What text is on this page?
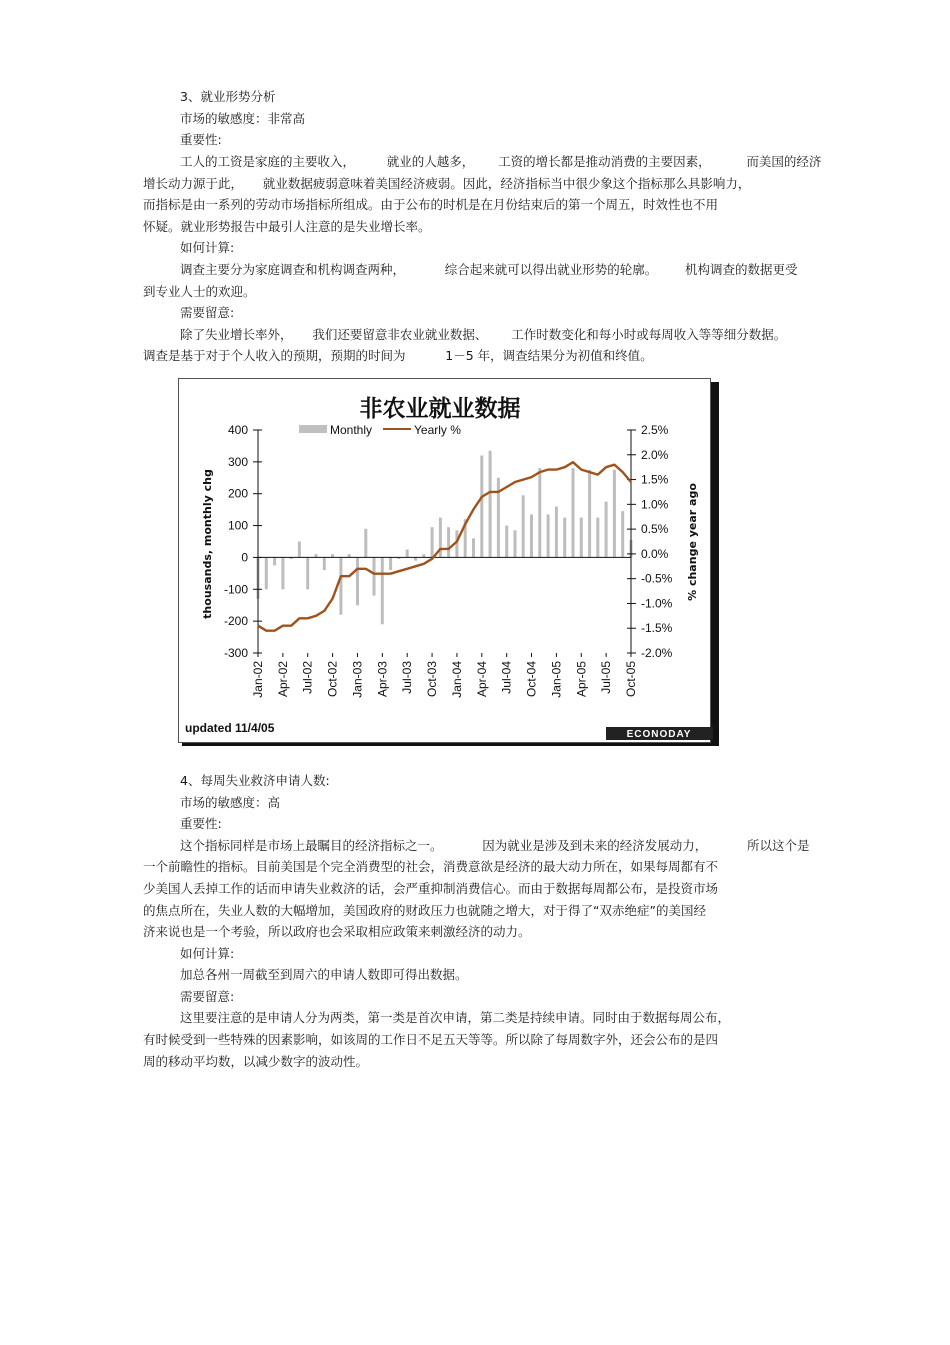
3、就业形势分析
市场的敏感度：非常高
重要性:
工人的工资是家庭的主要收入，        就业的人越多，      工资的增长都是推动消费的主要因素，         而美国的经济
增长动力源于此，     就业数据疲弱意味着美国经济疲弱。因此，经济指标当中很少象这个指标那么具影响力，
而指标是由一系列的劳动市场指标所组成。由于公布的时机是在月份结束后的第一个周五，时效性也不用
怀疑。就业形势报告中最引人注意的是失业增长率。
如何计算:
调查主要分为家庭调查和机构调查两种，          综合起来就可以得出就业形势的轮廓。       机构调查的数据更受
到专业人士的欢迎。
需要留意:
除了失业增长率外，     我们还要留意非农业就业数据、      工作时数变化和每小时或每周收入等等细分数据。
调查是基于对于个人收入的预期，预期的时间为          1－5 年，调查结果分为初值和终值。
非农业就业数据
Monthly	Yearly %
thousands, monthly chg	% change year ago
400
300
200
100
0
-100
-200
-300
2.5%
2.0%
1.5%
1.0%
0.5%
0.0%
-0.5%
-1.0%
-1.5%
-2.0%
Jan-02 Apr-02 Jul-02 Oct-02 Jan-03 Apr-03 Jul-03 Oct-03 Jan-04 Apr-04 Jul-04 Oct-04 Jan-05 Apr-05 Jul-05 Oct-05
updated 11/4/05	ECONODAY
4、每周失业救济申请人数:
市场的敏感度：高
重要性:
这个指标同样是市场上最瞩目的经济指标之一。          因为就业是涉及到未来的经济发展动力，          所以这个是
一个前瞻性的指标。目前美国是个完全消费型的社会，消费意欲是经济的最大动力所在，如果每周都有不
少美国人丢掉工作的话而申请失业救济的话，会严重抑制消费信心。而由于数据每周都公布，是投资市场
的焦点所在，失业人数的大幅增加，美国政府的财政压力也就随之增大，对于得了“双赤绝症”的美国经
济来说也是一个考验，所以政府也会采取相应政策来刺激经济的动力。
如何计算:
加总各州一周截至到周六的申请人数即可得出数据。
需要留意:
这里要注意的是申请人分为两类，第一类是首次申请，第二类是持续申请。同时由于数据每周公布，
有时候受到一些特殊的因素影响，如该周的工作日不足五天等等。所以除了每周数字外，还会公布的是四
周的移动平均数，以减少数字的波动性。
